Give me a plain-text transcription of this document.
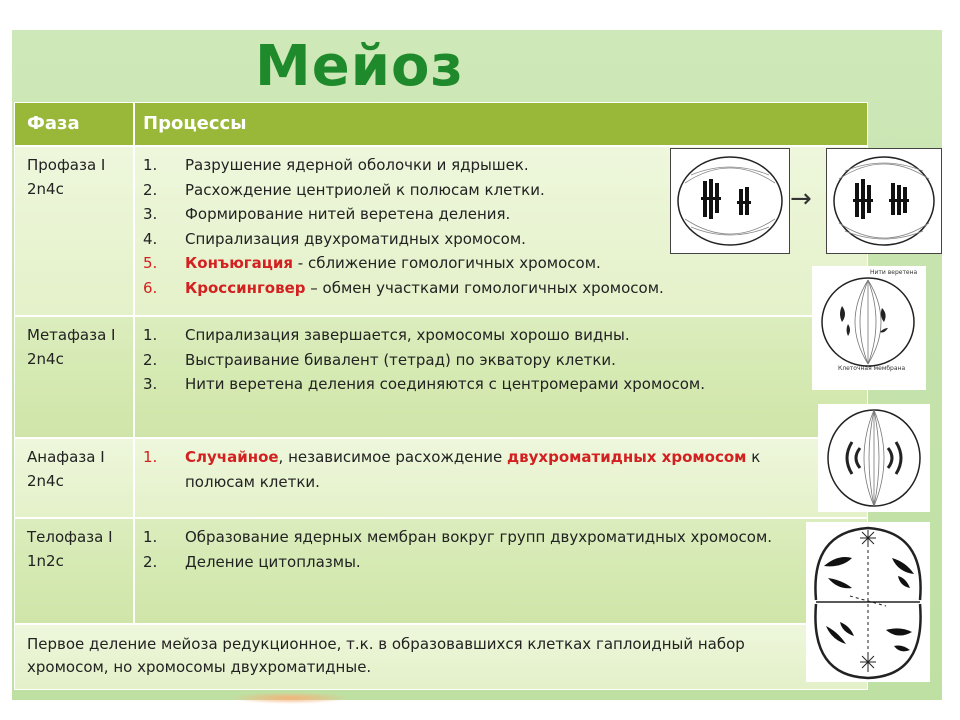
Мейоз
Фаза	Процессы
Профаза I
2n4c
1. Разрушение ядерной оболочки и ядрышек.
2. Расхождение центриолей к полюсам клетки.
3. Формирование нитей веретена деления.
4. Спирализация двухроматидных хромосом.
5. Конъюгация - сближение гомологичных хромосом.
6. Кроссинговер – обмен участками гомологичных хромосом.
Метафаза I
2n4c
1. Спирализация завершается, хромосомы хорошо видны.
2. Выстраивание бивалент (тетрад) по экватору клетки.
3. Нити веретена деления соединяются с центромерами хромосом.
Анафаза I
2n4c
1. Случайное, независимое расхождение двухроматидных хромосом к
полюсам клетки.
Телофаза I
1n2c
1. Образование ядерных мембран вокруг групп двухроматидных хромосом.
2. Деление цитоплазмы.
Первое деление мейоза редукционное, т.к. в образовавшихся клетках гаплоидный набор
хромосом, но хромосомы двухроматидные.
→
Нити веретена
Клеточная мембрана
